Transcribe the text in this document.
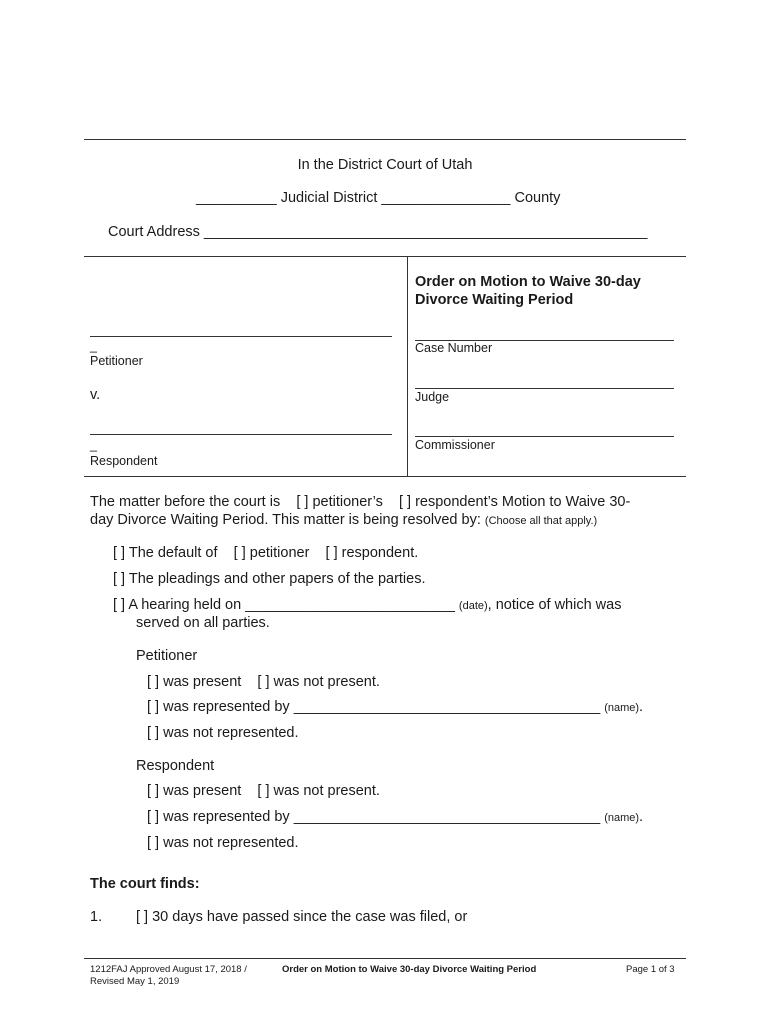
In the District Court of Utah
__________ Judicial District ________________ County
Court Address _______________________________________________________
_
Petitioner
v.
_
Respondent
Order on Motion to Waive 30-day
Divorce Waiting Period
Case Number
Judge
Commissioner
The matter before the court is [ ] petitioner’s [ ] respondent’s Motion to Waive 30-
day Divorce Waiting Period. This matter is being resolved by: (Choose all that apply.)
[ ] The default of [ ] petitioner [ ] respondent.
[ ] The pleadings and other papers of the parties.
[ ] A hearing held on __________________________ (date), notice of which was
served on all parties.
Petitioner
[ ] was present [ ] was not present.
[ ] was represented by ______________________________________ (name).
[ ] was not represented.
Respondent
[ ] was present [ ] was not present.
[ ] was represented by ______________________________________ (name).
[ ] was not represented.
The court finds:
1. [ ] 30 days have passed since the case was filed, or
1212FAJ Approved August 17, 2018 /
Revised May 1, 2019
Order on Motion to Waive 30-day Divorce Waiting Period	Page 1 of 3
